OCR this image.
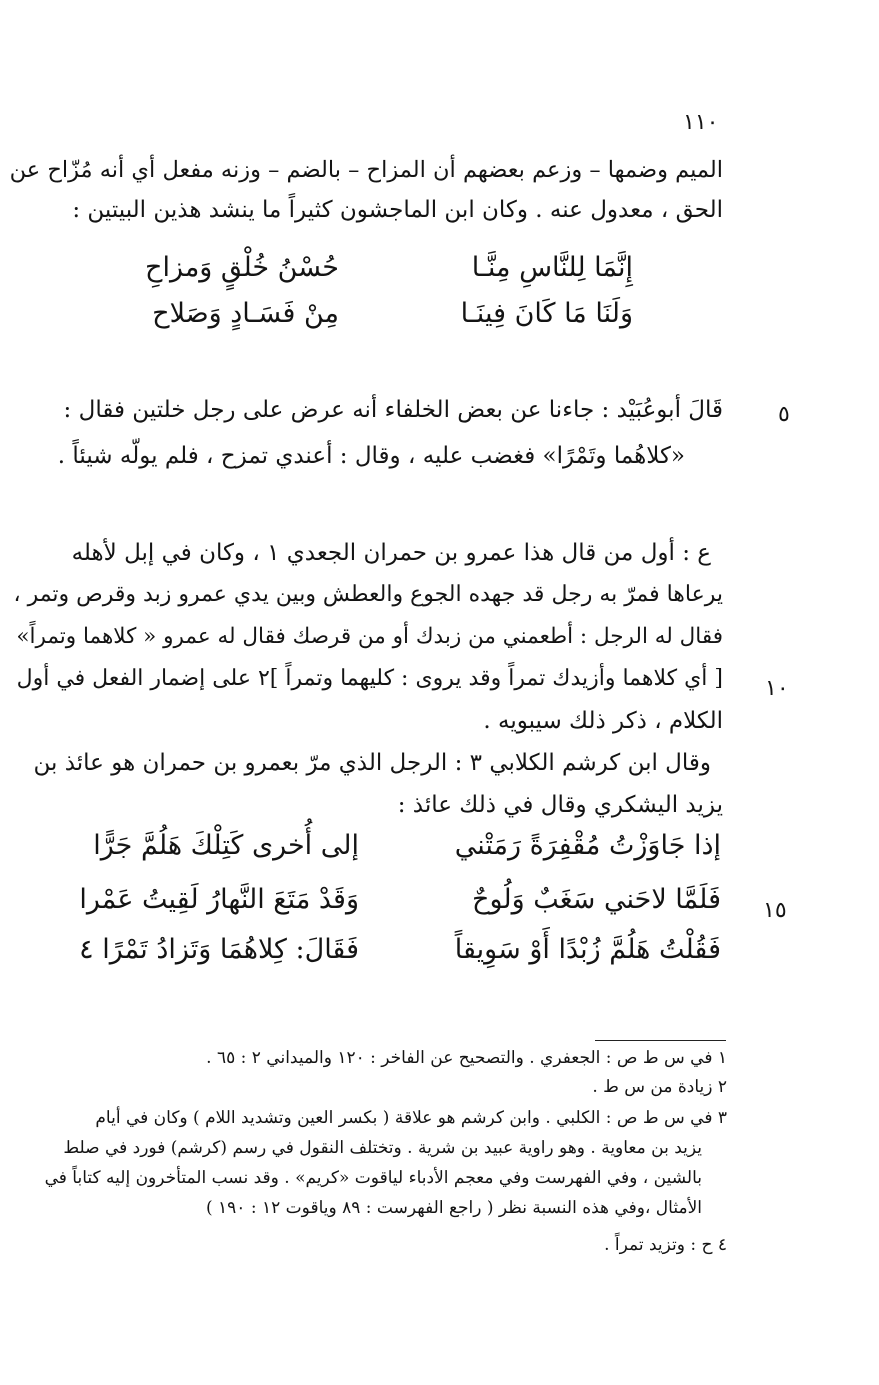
١١٠
الميم وضمها – وزعم بعضهم أن المزاح – بالضم – وزنه مفعل أي أنه مُزّاح عن
الحق ، معدول عنه . وكان ابن الماجشون كثيراً ما ينشد هذين البيتين :
إِنَّمَا لِلنَّاسِ مِنَّـا
حُسْنُ خُلْقٍ وَمزاحِ
وَلَنَا مَا كَانَ فِينَـا
مِنْ فَسَـادٍ وَصَلاح
٥
قَالَ أبوعُبَيْد : جاءنا عن بعض الخلفاء أنه عرض على رجل خلتين فقال :
«كلاهُما وتَمْرًا» فغضب عليه ، وقال : أعندي تمزح ، فلم يولّه شيئاً .
١٠
ع : أول من قال هذا عمرو بن حمران الجعدي ١ ، وكان في إبل لأهله
يرعاها فمرّ به رجل قد جهده الجوع والعطش وبين يدي عمرو زبد وقرص وتمر ،
فقال له الرجل : أطعمني من زبدك أو من قرصك فقال له عمرو « كلاهما وتمراً»
[ أي كلاهما وأزيدك تمراً وقد يروى : كليهما وتمراً ]٢ على إضمار الفعل في أول
الكلام ، ذكر ذلك سيبويه .
وقال ابن كرشم الكلابي ٣ : الرجل الذي مرّ بعمرو بن حمران هو عائذ بن
يزيد اليشكري وقال في ذلك عائذ :
١٥
إذا جَاوَزْتُ مُقْفِرَةً رَمَتْني
إلى أُخرى كَتِلْكَ هَلُمَّ جَرًّا
فَلَمَّا لاحَني سَغَبٌ وَلُوحٌ
وَقَدْ مَتَعَ النَّهارُ لَقِيتُ عَمْرا
فَقُلْتُ هَلُمَّ زُبْدًا أَوْ سَوِيقاً
فَقَالَ: كِلاهُمَا وَتَزادُ تَمْرًا ٤
١ في س ط ص : الجعفري . والتصحيح عن الفاخر : ١٢٠ والميداني ٢ : ٦٥ .
٢ زيادة من س ط .
٣ في س ط ص : الكلبي . وابن كرشم هو علاقة ( بكسر العين وتشديد اللام ) وكان في أيام
يزيد بن معاوية . وهو راوية عبيد بن شرية . وتختلف النقول في رسم (كرشم) فورد في صلط
بالشين ، وفي الفهرست وفي معجم الأدباء لياقوت «كريم» . وقد نسب المتأخرون إليه كتاباً في
الأمثال ،وفي هذه النسبة نظر ( راجع الفهرست : ٨٩ وياقوت ١٢ : ١٩٠ )
٤ ح : وتزيد تمراً .
